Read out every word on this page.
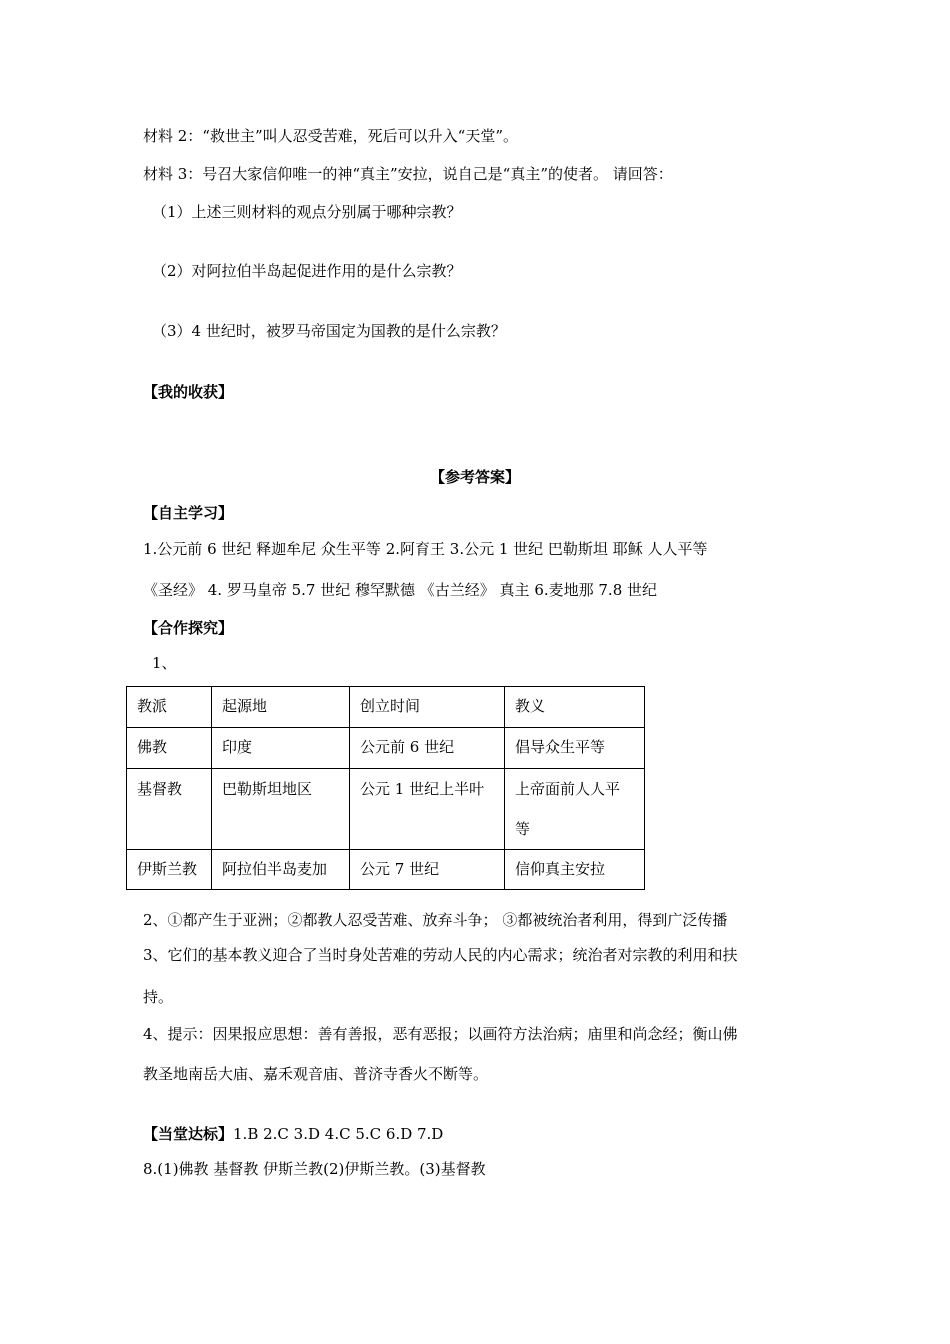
材料 2：“救世主”叫人忍受苦难，死后可以升入“天堂”。
材料 3：号召大家信仰唯一的神“真主”安拉，说自己是“真主”的使者。 请回答：
（1）上述三则材料的观点分别属于哪种宗教？
（2）对阿拉伯半岛起促进作用的是什么宗教？
（3）4 世纪时，被罗马帝国定为国教的是什么宗教？
【我的收获】
【参考答案】
【自主学习】
1.公元前 6 世纪 释迦牟尼 众生平等 2.阿育王 3.公元 1 世纪 巴勒斯坦 耶稣 人人平等
《圣经》 4. 罗马皇帝 5.7 世纪 穆罕默德 《古兰经》 真主 6.麦地那 7.8 世纪
【合作探究】
1、
教派	起源地	创立时间	教义
佛教	印度	公元前 6 世纪	倡导众生平等
基督教	巴勒斯坦地区	公元 1 世纪上半叶	上帝面前人人平等
伊斯兰教	阿拉伯半岛麦加	公元 7 世纪	信仰真主安拉
2、①都产生于亚洲；②都教人忍受苦难、放弃斗争； ③都被统治者利用，得到广泛传播
3、它们的基本教义迎合了当时身处苦难的劳动人民的内心需求；统治者对宗教的利用和扶
持。
4、提示：因果报应思想：善有善报，恶有恶报；以画符方法治病；庙里和尚念经；衡山佛
教圣地南岳大庙、嘉禾观音庙、普济寺香火不断等。
【当堂达标】1.B 2.C 3.D 4.C 5.C 6.D 7.D
8.(1)佛教 基督教 伊斯兰教(2)伊斯兰教。(3)基督教
